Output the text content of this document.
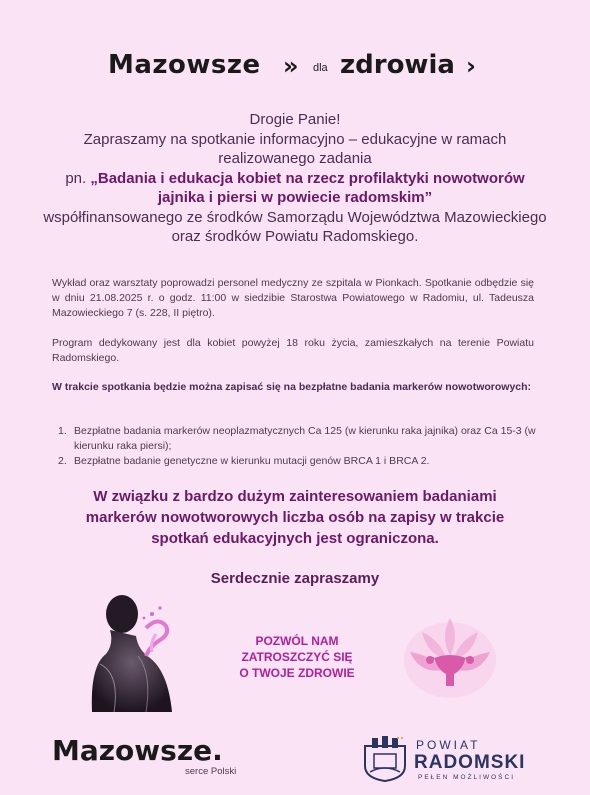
Mazowsze » dla zdrowia ›
Drogie Panie!
Zapraszamy na spotkanie informacyjno – edukacyjne w ramach realizowanego zadania
pn. „Badania i edukacja kobiet na rzecz profilaktyki nowotworów jajnika i piersi w powiecie radomskim”
współfinansowanego ze środków Samorządu Województwa Mazowieckiego oraz środków Powiatu Radomskiego.
Wykład oraz warsztaty poprowadzi personel medyczny ze szpitala w Pionkach. Spotkanie odbędzie się w dniu 21.08.2025 r. o godz. 11:00 w siedzibie Starostwa Powiatowego w Radomiu, ul. Tadeusza Mazowieckiego 7 (s. 228, II piętro).
Program dedykowany jest dla kobiet powyżej 18 roku życia, zamieszkałych na terenie Powiatu Radomskiego.
W trakcie spotkania będzie można zapisać się na bezpłatne badania markerów nowotworowych:
1. Bezpłatne badania markerów neoplazmatycznych Ca 125 (w kierunku raka jajnika) oraz Ca 15-3 (w kierunku raka piersi);
2. Bezpłatne badanie genetyczne w kierunku mutacji genów BRCA 1 i BRCA 2.
W związku z bardzo dużym zainteresowaniem badaniami markerów nowotworowych liczba osób na zapisy w trakcie spotkań edukacyjnych jest ograniczona.
Serdecznie zapraszamy
POZWÓL NAM
ZATROSZCZYĆ SIĘ
O TWOJE ZDROWIE
Mazowsze.
serce Polski
POWIAT
RADOMSKI
PEŁEN MOŻLIWOŚCI
